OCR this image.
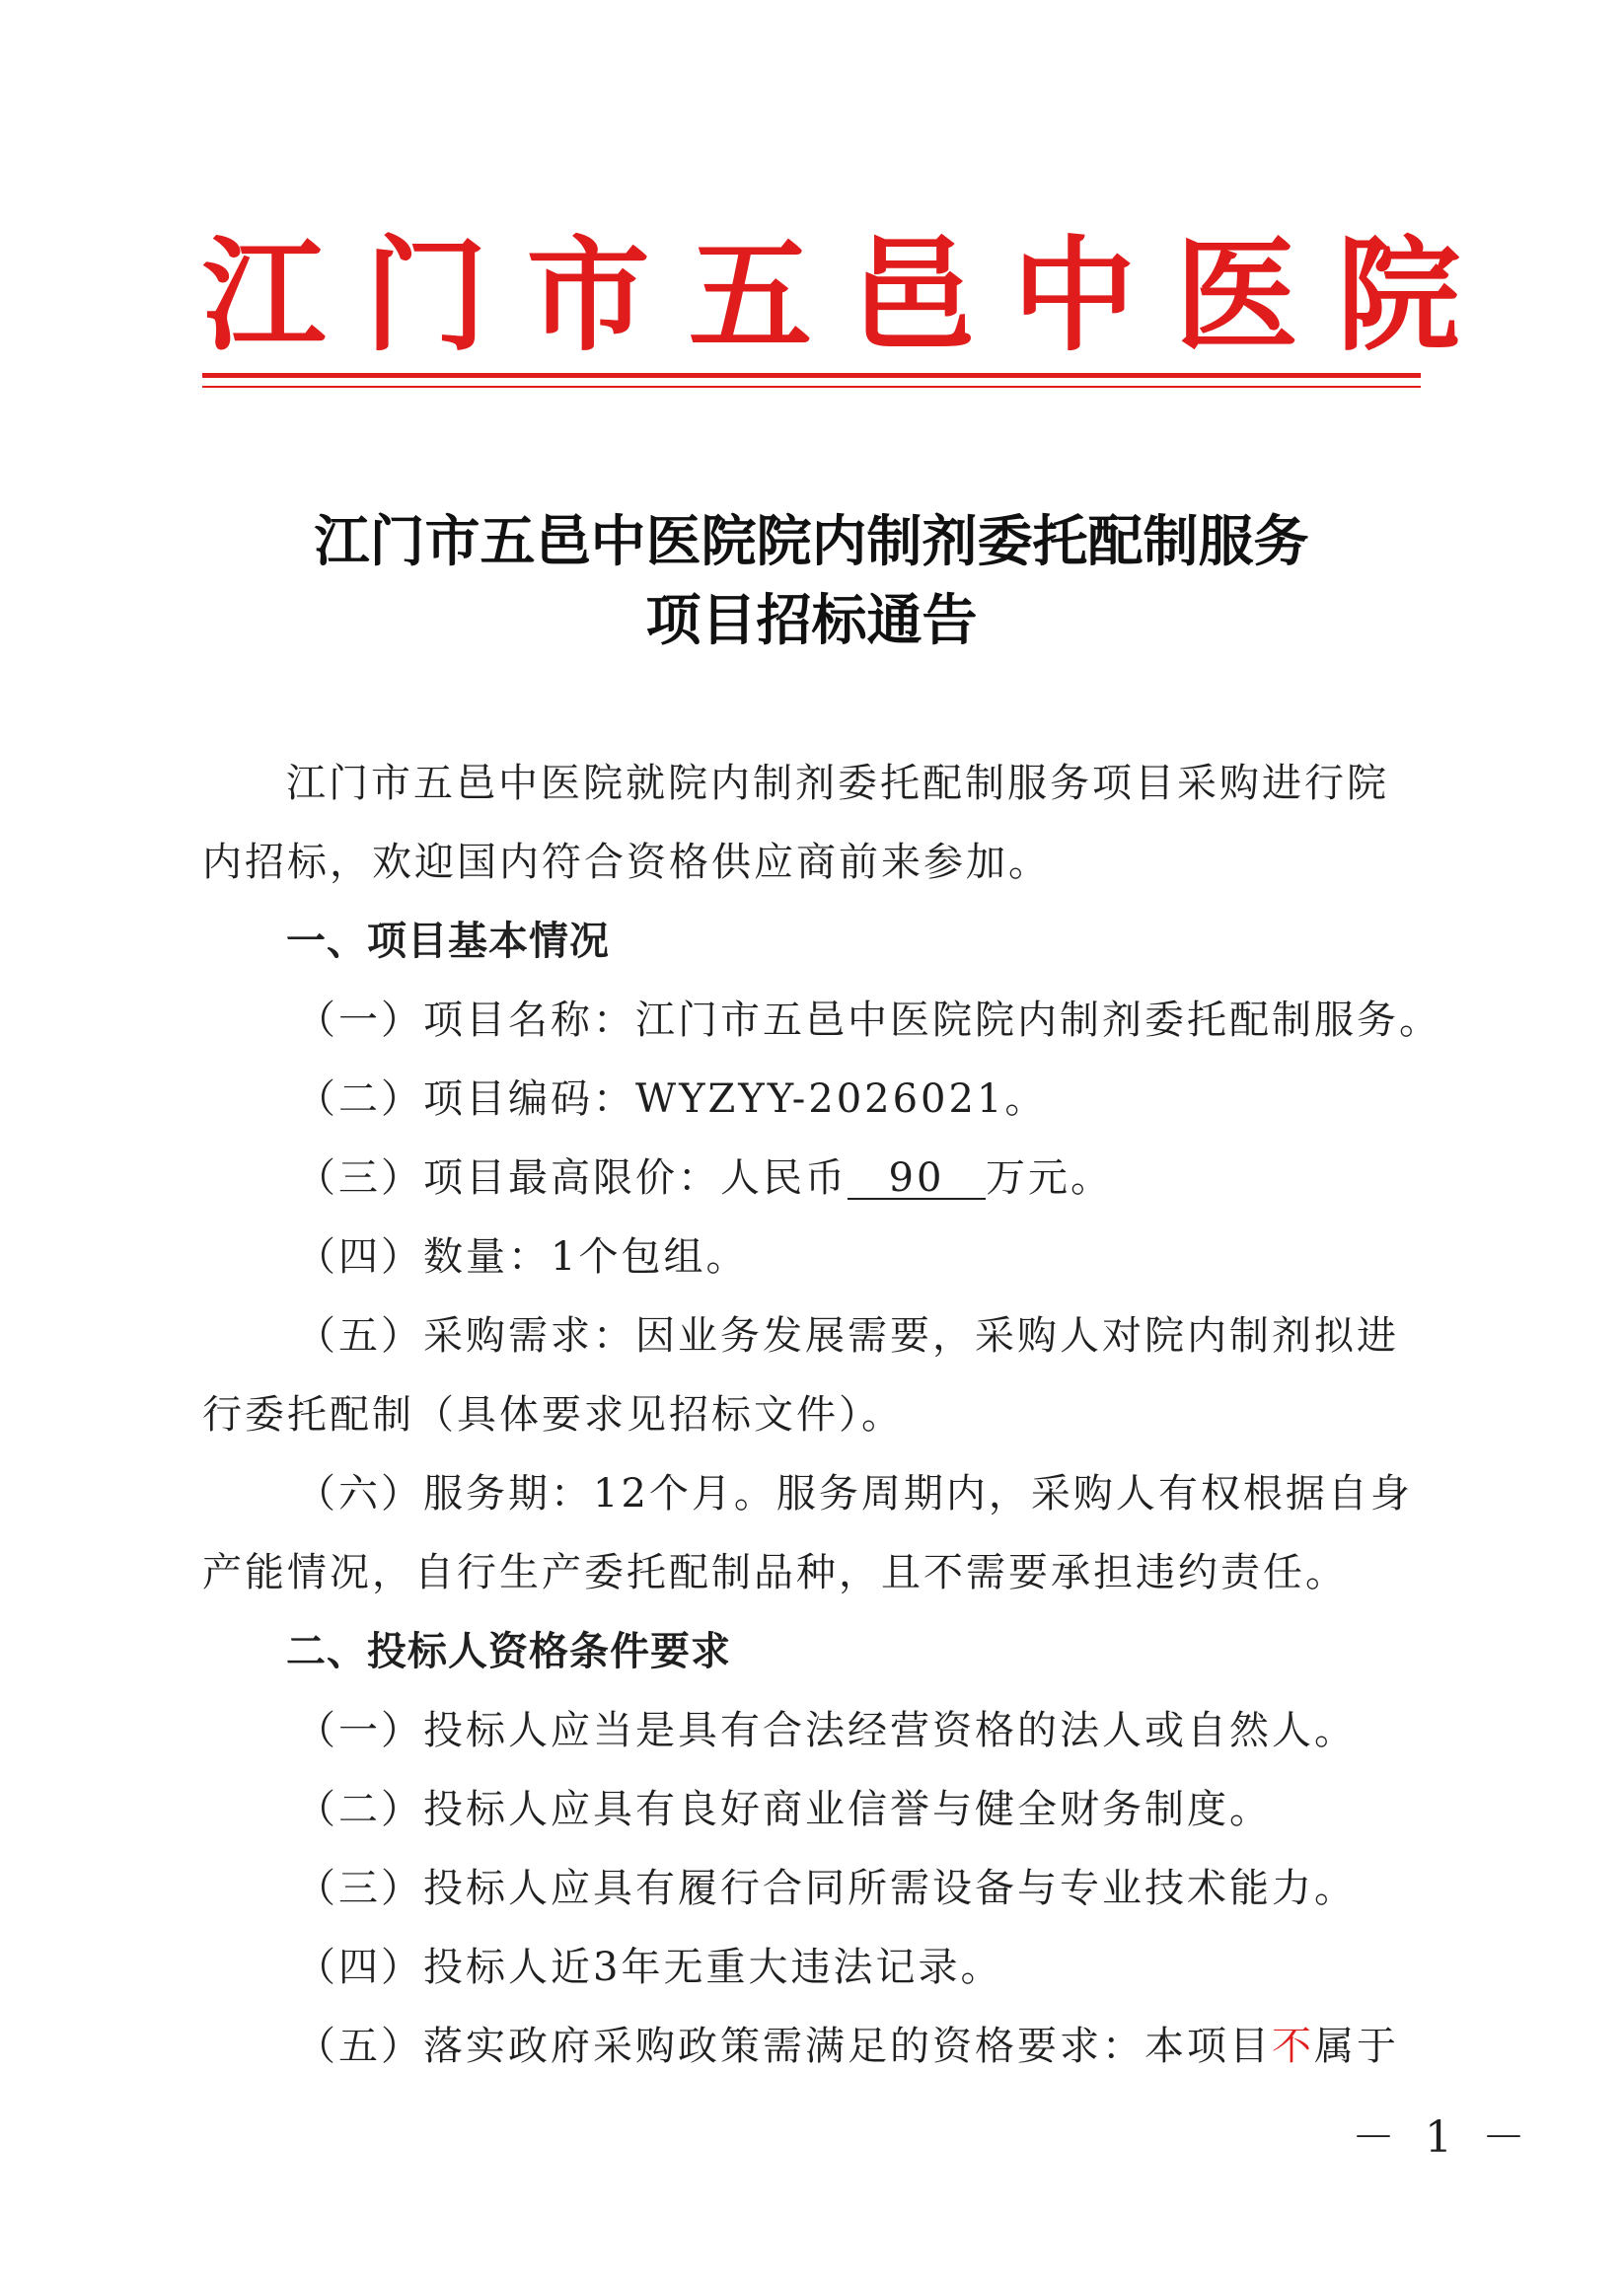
江 门 市 五 邑 中 医 院
江门市五邑中医院院内制剂委托配制服务
项目招标通告
江门市五邑中医院就院内制剂委托配制服务项目采购进行院
内招标，欢迎国内符合资格供应商前来参加。
一、项目基本情况
（一）项目名称：江门市五邑中医院院内制剂委托配制服务。
（二）项目编码：WYZYY-2026021。
（三）项目最高限价：人民币 90 万元。
（四）数量：1个包组。
（五）采购需求：因业务发展需要，采购人对院内制剂拟进
行委托配制（具体要求见招标文件）。
（六）服务期：12个月。服务周期内，采购人有权根据自身
产能情况，自行生产委托配制品种，且不需要承担违约责任。
二、投标人资格条件要求
（一）投标人应当是具有合法经营资格的法人或自然人。
（二）投标人应具有良好商业信誉与健全财务制度。
（三）投标人应具有履行合同所需设备与专业技术能力。
（四）投标人近3年无重大违法记录。
（五）落实政府采购政策需满足的资格要求：本项目不属于
－ 1 －
